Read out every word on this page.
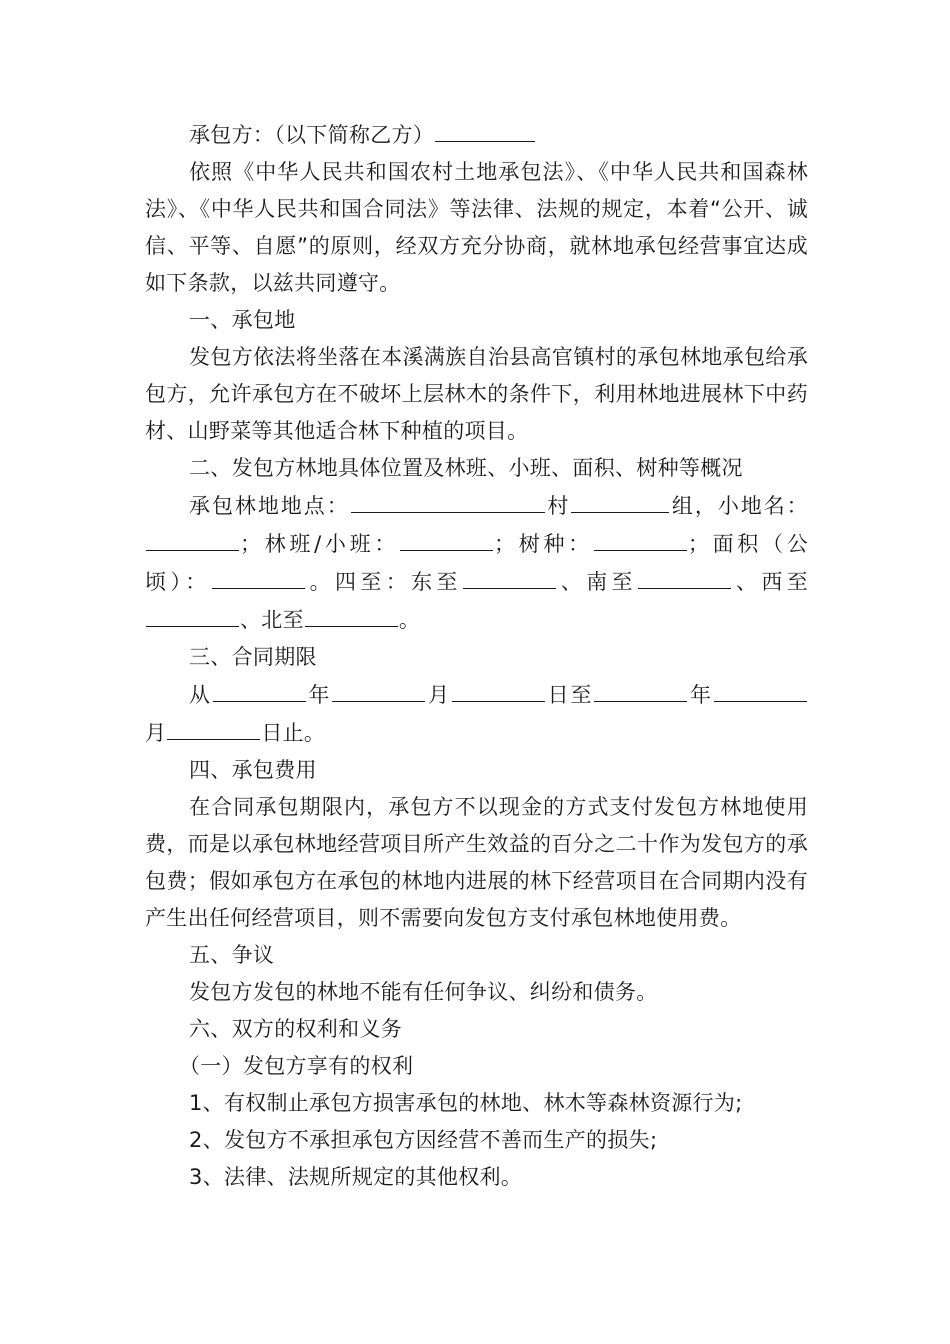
承包方：（以下简称乙方）

依照《中华人民共和国农村土地承包法》、《中华人民共和国森林法》、《中华人民共和国合同法》等法律、法规的规定，本着“公开、诚信、平等、自愿”的原则，经双方充分协商，就林地承包经营事宜达成如下条款，以兹共同遵守。

一、承包地

发包方依法将坐落在本溪满族自治县高官镇村的承包林地承包给承包方，允许承包方在不破坏上层林木的条件下，利用林地进展林下中药材、山野菜等其他适合林下种植的项目。

二、发包方林地具体位置及林班、小班、面积、树种等概况

承包林地地点：	村	组，小地名：；林班/小班：	；树种：	；面积（公顷）：	。四至：东至	、南至	、西至、北至	。

三、合同期限

从	年	月	日至	年月	日止。

四、承包费用

在合同承包期限内，承包方不以现金的方式支付发包方林地使用费，而是以承包林地经营项目所产生效益的百分之二十作为发包方的承包费；假如承包方在承包的林地内进展的林下经营项目在合同期内没有产生出任何经营项目，则不需要向发包方支付承包林地使用费。

五、争议

发包方发包的林地不能有任何争议、纠纷和债务。

六、双方的权利和义务

（一）发包方享有的权利

1、有权制止承包方损害承包的林地、林木等森林资源行为;

2、发包方不承担承包方因经营不善而生产的损失;

3、法律、法规所规定的其他权利。
